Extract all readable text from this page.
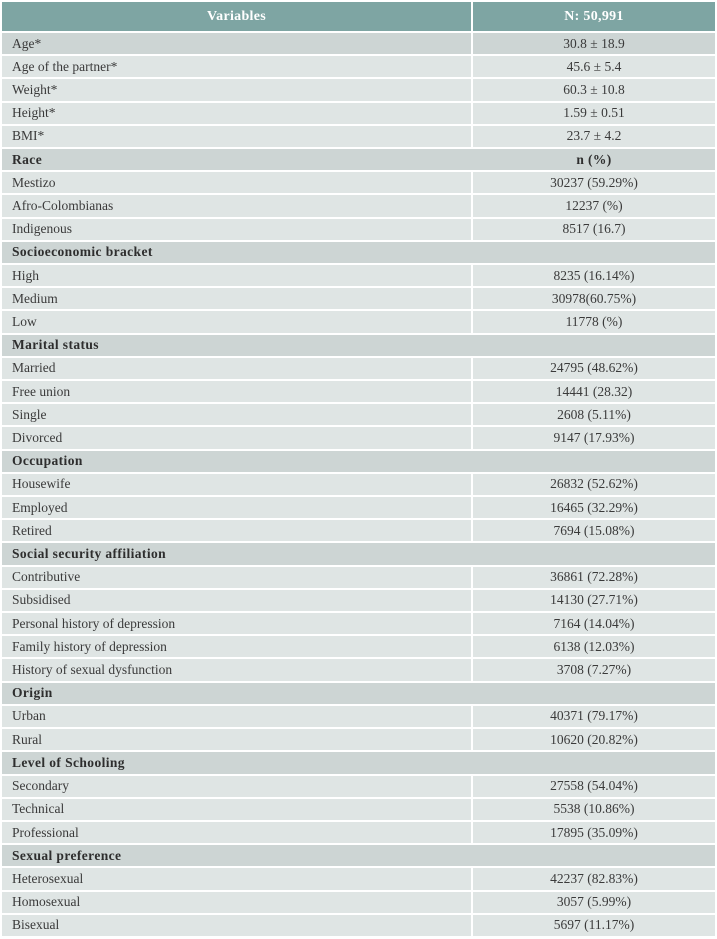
Variables	N: 50,991
Age*	30.8 ± 18.9
Age of the partner*	45.6 ± 5.4
Weight*	60.3 ± 10.8
Height*	1.59 ± 0.51
BMI*	23.7 ± 4.2
Race	n (%)
Mestizo	30237 (59.29%)
Afro-Colombianas	12237 (%)
Indigenous	8517 (16.7)
Socioeconomic bracket
High	8235 (16.14%)
Medium	30978(60.75%)
Low	11778 (%)
Marital status
Married	24795 (48.62%)
Free union	14441 (28.32)
Single	2608 (5.11%)
Divorced	9147 (17.93%)
Occupation
Housewife	26832 (52.62%)
Employed	16465 (32.29%)
Retired	7694 (15.08%)
Social security affiliation
Contributive	36861 (72.28%)
Subsidised	14130 (27.71%)
Personal history of depression	7164 (14.04%)
Family history of depression	6138 (12.03%)
History of sexual dysfunction	3708 (7.27%)
Origin
Urban	40371 (79.17%)
Rural	10620 (20.82%)
Level of Schooling
Secondary	27558 (54.04%)
Technical	5538 (10.86%)
Professional	17895 (35.09%)
Sexual preference
Heterosexual	42237 (82.83%)
Homosexual	3057 (5.99%)
Bisexual	5697 (11.17%)
